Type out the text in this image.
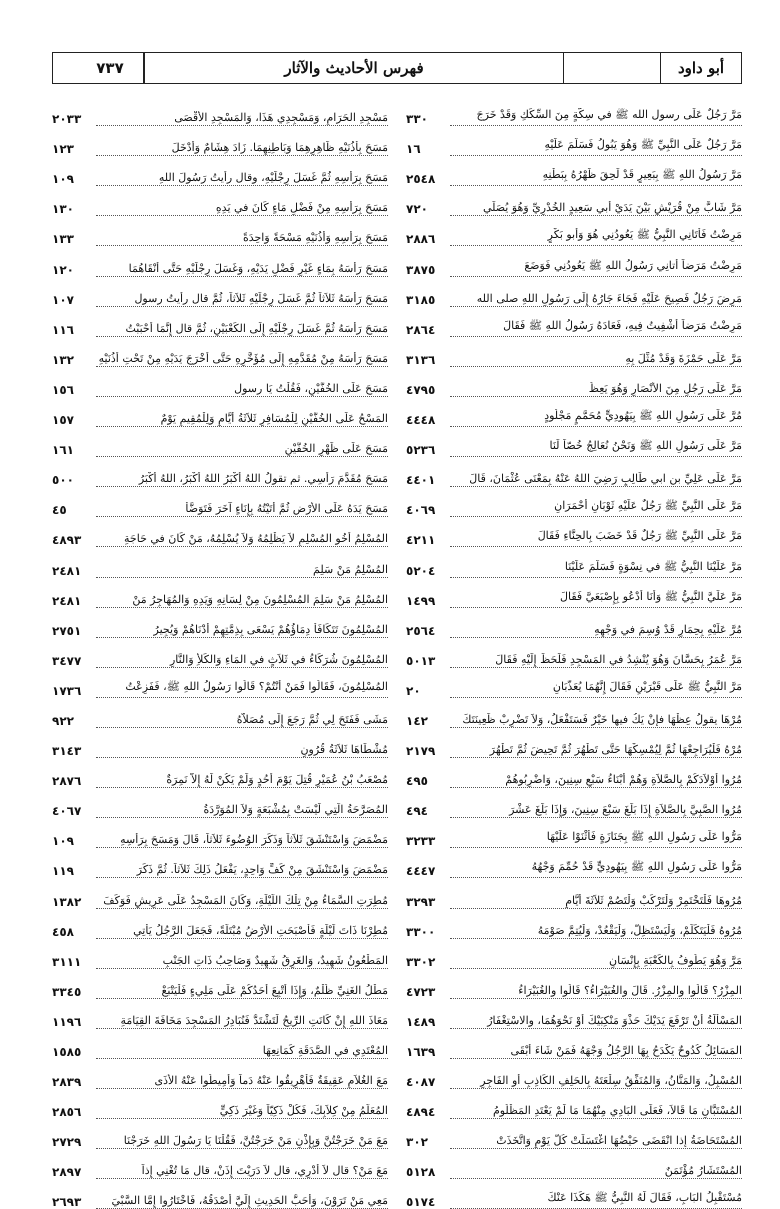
أبو داود
فهرس الأحاديث والآثار
٧٣٧
مَرَّ رَجُلٌ عَلَى رسول الله ﷺ في سِكَّةٍ مِنَ السِّكَكِ وَقَدْ خَرَجَ
٣٣٠
مَرَّ رَجُلٌ عَلَى النَّبِيِّ ﷺ وَهُوَ يَبُولُ فَسَلَّمَ عَلَيْهِ
١٦
مَرَّ رَسُولُ اللهِ ﷺ بِبَعِيرٍ قَدْ لَحِقَ ظَهْرُهُ بِبَطْنِهِ
٢٥٤٨
مَرَّ شَابٌّ مِنْ قُرَيْشٍ بَيْنَ يَدَيْ أبي سَعِيدٍ الخُدْرِيِّ وَهُوَ يُصَلِّي
٧٢٠
مَرِضْتُ فَأَتَانِي النَّبِيُّ ﷺ يَعُودُنِي هُوَ وَأَبو بَكْرٍ
٢٨٨٦
مَرِضْتُ مَرَضاً أَتانِي رَسُولُ اللهِ ﷺ يَعُودُنِي فَوَضَعَ
٣٨٧٥
مَرِضَ رَجُلٌ فَصِيحَ عَلَيْهِ فَجَاءَ جَارُهُ إِلَى رَسُولِ اللهِ صلى الله
٣١٨٥
مَرِضْتُ مَرَضاً أُشْفِيتُ فِيهِ، فَعَادَهُ رَسُولُ اللهِ ﷺ فَقَالَ
٢٨٦٤
مَرَّ عَلَى حَمْزَةَ وَقَدْ مُثِّلَ بِهِ
٣١٣٦
مَرَّ عَلَى رَجُلٍ مِنَ الأَنْصَارِ وَهُوَ يَعِظُ
٤٧٩٥
مُرَّ عَلَى رَسُولِ اللهِ ﷺ بِيَهُودِيٍّ مُحَمَّمٍ مَجْلُودٍ
٤٤٤٨
مَرَّ عَلَى رَسُولِ اللهِ ﷺ وَنَحْنُ نُعَالِجُ خُصّاً لَنَا
٥٢٣٦
مَرَّ عَلَى عَلِيِّ بن ابي طَالِبٍ رَضِيَ اللهُ عَنْهُ بِمَعْنَى عُثْمَانَ، قَالَ
٤٤٠١
مَرَّ عَلَى النَّبِيِّ ﷺ رَجُلٌ عَلَيْهِ ثَوْبَانِ أَحْمَرَانِ
٤٠٦٩
مَرَّ عَلَى النَّبِيِّ ﷺ رَجُلٌ قَدْ خَضَبَ بِالحِنَّاءِ فَقَالَ
٤٢١١
مَرَّ عَلَيْنَا النَّبِيُّ ﷺ في نِسْوَةٍ فَسَلَّمَ عَلَيْنَا
٥٢٠٤
مَرَّ عَلَيَّ النَّبِيُّ ﷺ وَأَنَا أَدْعُو بِإِصْبَعَيَّ فَقَالَ
١٤٩٩
مُرَّ عَلَيْهِ بِحِمَارٍ قَدْ وُسِمَ في وَجْهِهِ
٢٥٦٤
مَرَّ عُمَرُ بِحَسَّانَ وَهُوَ يُنْشِدُ في المَسْجِدِ فَلَحَظَ إِلَيْهِ فَقَالَ
٥٠١٣
مَرَّ النَّبِيُّ ﷺ عَلَى قَبْرَيْنِ فَقَالَ إِنَّهُمَا يُعَذَّبَانِ
٢٠
مُرْهَا يقولُ عِظْهَا فإنْ يَكُ فيها خَيْرٌ فَسَتَفْعَلُ، وَلاَ تَضْرِبْ ظَعِينَتَكَ
١٤٢
مُرْهُ فَلْيُرَاجِعْهَا ثُمَّ لِيُمْسِكْهَا حَتَّى تَطْهُرَ ثُمَّ تَحِيضَ ثُمَّ تَطْهُرَ
٢١٧٩
مُرُوا أَوْلاَدَكُمْ بِالصَّلاَةِ وَهُمْ أَبْنَاءُ سَبْعِ سِنِينَ، وَاضْرِبُوهُمْ
٤٩٥
مُرُوا الصَّبِيَّ بِالصَّلاَةِ إِذَا بَلَغَ سَبْعَ سِنِينَ، وَإِذَا بَلَغَ عَشْرَ
٤٩٤
مَرُّوا عَلَى رَسُولِ اللهِ ﷺ بِجَنَازَةٍ فَأَثْنَوْا عَلَيْهَا
٣٢٣٣
مَرُّوا عَلَى رَسُولِ اللهِ ﷺ بِيَهُودِيٍّ قَدْ حُمِّمَ وَجْهُهُ
٤٤٤٧
مُرُوهَا فَلْتَخْتَمِرْ وَلْتَرْكَبْ وَلْتَصُمْ ثَلاَثَةَ أَيَّامٍ
٣٢٩٣
مُرُوهُ فَلْيَتَكَلَّمْ، وَلْيَسْتَظِلَّ، وَلْيَقْعُدْ، وَلْيُتِمَّ صَوْمَهُ
٣٣٠٠
مَرَّ وَهُوَ يَطُوفُ بِالكَعْبَةِ بِإِنْسَانٍ
٣٣٠٢
المِزْرُ؟ قَالُوا والمِزْرُ. قَالَ والغُبَيْرَاءُ؟ قَالُوا والغُبَيْرَاءُ
٤٧٢٣
المَسْأَلَةُ أَنْ تَرْفَعَ يَدَيْكَ حَذْوَ مَنْكِبَيْكَ أَوْ نَحْوَهُمَا، والاسْتِغْفَارُ
١٤٨٩
المَسَائِلُ كُدُوحٌ يَكْدَحُ بِهَا الرَّجُلُ وَجْهَهُ فَمَنْ شَاءَ أَبْقَى
١٦٣٩
المُسْبِلُ، وَالمَنَّانُ، وَالمُنَفِّقُ سِلْعَتَهُ بِالحَلِفِ الكَاذِبِ أو الفَاجِرِ
٤٠٨٧
المُسْتَبَّانِ مَا قَالاَ، فَعَلَى البَادِي مِنْهُمَا مَا لَمْ يَعْتَدِ المَظْلُومُ
٤٨٩٤
المُسْتَحَاضَةُ إذا انْقَضَى حَيْضُهَا اغْتَسَلَتْ كُلَّ يَوْمٍ وَاتَّخَذَتْ
٣٠٢
المُسْتَشَارُ مُؤْتَمَنٌ
٥١٢٨
مُسْتَقْبِلُ البَابِ، فَقَالَ لَهُ النَّبِيُّ ﷺ هَكَذَا عَنْكَ
٥١٧٤
مَسْجِدِ الحَرَامِ، وَمَسْجِدِي هَذَا، وَالمَسْجِدِ الأَقْصَى
٢٠٣٣
مَسَحَ بِأُذُنَيْهِ ظَاهِرِهِمَا وَبَاطِنِهِمَا. زَادَ هِشَامٌ وَأَدْخَلَ
١٢٣
مَسَحَ بِرَأْسِهِ ثُمَّ غَسَلَ رِجْلَيْهِ، وقال رأيتُ رَسُولَ اللهِ
١٠٩
مَسَحَ بِرَأْسِهِ مِنْ فَضْلِ مَاءٍ كَانَ في يَدِهِ
١٣٠
مَسَحَ بِرَأْسِهِ وَأُذُنَيْهِ مَسْحَةً وَاحِدَةً
١٣٣
مَسَحَ رَأْسَهُ بِمَاءٍ غَيْرِ فَضْلِ يَدَيْهِ، وَغَسَلَ رِجْلَيْهِ حَتَّى أَنْقَاهُمَا
١٢٠
مَسَحَ رَأْسَهُ ثَلاَثاً ثُمَّ غَسَلَ رِجْلَيْهِ ثَلاَثاً، ثُمَّ قال رأيتُ رسول
١٠٧
مَسَحَ رَأْسَهُ ثُمَّ غَسَلَ رِجْلَيْهِ إِلَى الكَعْبَيْنِ، ثُمَّ قال إِنَّمَا أَحْبَبْتُ
١١٦
مَسَحَ رَأْسَهُ مِنْ مُقَدَّمِهِ إِلَى مُؤَخَّرِهِ حَتَّى أَخْرَجَ يَدَيْهِ مِنْ تَحْتِ أُذُنَيْهِ
١٣٢
مَسَحَ عَلَى الخُفَّيْنِ، فَقُلْتُ يَا رسول
١٥٦
المَسْحُ عَلَى الخُفَّيْنِ لِلْمُسَافِرِ ثَلاَثَةُ أَيَّامٍ وَلِلْمُقِيمِ يَوْمٌ
١٥٧
مَسَحَ عَلَى ظَهْرِ الخُفَّيْنِ
١٦١
مَسَحَ مُقَدَّمَ رَأْسِي. ثم تقولُ اللهُ أَكْبَرُ اللهُ أَكْبَرُ، اللهُ أَكْبَرُ
٥٠٠
مَسَحَ يَدَهُ عَلَى الأَرْضِ ثُمَّ أَتَيْتُهُ بِإِنَاءٍ آخَرَ فَتَوَضَّأَ
٤٥
المُسْلِمُ أَخُو المُسْلِمِ لاَ يَظْلِمُهُ وَلاَ يُسْلِمُهُ، مَنْ كَانَ في حَاجَةِ
٤٨٩٣
المُسْلِمُ مَنْ سَلِمَ
٢٤٨١
المُسْلِمُ مَنْ سَلِمَ المُسْلِمُونَ مِنْ لِسَانِهِ وَيَدِهِ وَالمُهَاجِرُ مَنْ
٢٤٨١
المُسْلِمُونَ تَتَكَافَأُ دِمَاؤُهُمْ يَسْعَى بِذِمَّتِهِمْ أَدْنَاهُمْ وَيُجِيرُ
٢٧٥١
المُسْلِمُونَ شُرَكَاءُ في ثَلاَثٍ في المَاءِ وَالكَلأِ وَالنَّارِ
٣٤٧٧
المُسْلِمُونَ، فَقَالُوا فَمَنْ أَنْتُمْ؟ قَالُوا رَسُولُ اللهِ ﷺ، فَفَزِعْتُ
١٧٣٦
مَشَى فَفَتَحَ لِي ثُمَّ رَجَعَ إِلَى مُصَلاَّهُ
٩٢٢
مُشْطَاهَا ثَلاَثَةُ قُرُونٍ
٣١٤٣
مُصْعَبُ بْنُ عُمَيْرٍ قُتِلَ يَوْمَ أُحُدٍ وَلَمْ يَكُنْ لَهُ إِلاَّ نَمِرَةٌ
٢٨٧٦
المُصَرَّحَةُ الَّتِي لَيْسَتْ بِمُشْبَعَةٍ وَلاَ المُوَرَّدَةُ
٤٠٦٧
مَضْمَضَ وَاسْتَنْشَقَ ثَلاَثاً وَذَكَرَ الوُضُوءَ ثَلاَثاً، قَالَ وَمَسَحَ بِرَأْسِهِ
١٠٩
مَضْمَضَ وَاسْتَنْشَقَ مِنْ كَفٍّ وَاحِدٍ، يَفْعَلُ ذَلِكَ ثَلاَثاً. ثُمَّ ذَكَرَ
١١٩
مُطِرَتِ السَّمَاءُ مِنْ تِلْكَ اللَّيْلَةِ، وَكَانَ المَسْجِدُ عَلَى عَرِيشٍ فَوَكَفَ
١٣٨٢
مُطِرْنَا ذَاتَ لَيْلَةٍ فَأَصْبَحَتِ الأَرْضُ مُبْتَلَّةً، فَجَعَلَ الرَّجُلُ يَأْتِي
٤٥٨
المَطْعُونُ شَهِيدٌ، وَالغَرِقُ شَهِيدٌ وَصَاحِبُ ذَاتِ الجَنْبِ
٣١١١
مَطْلُ الغَنِيِّ ظُلْمٌ، وَإِذَا أُتْبِعَ أَحَدُكُمْ عَلَى مَلِيءٍ فَلْيَتْبَعْ
٣٣٤٥
مَعَاذَ اللهِ إِنْ كَانَتِ الرِّيحُ لَتَشْتَدُّ فَنُبَادِرُ المَسْجِدَ مَخَافَةَ القِيَامَةِ
١١٩٦
المُعْتَدِي في الصَّدَقَةِ كَمَانِعِهَا
١٥٨٥
مَعَ الغُلاَمِ عَقِيقَةٌ فَأَهْرِيقُوا عَنْهُ دَماً وَأَمِيطُوا عَنْهُ الأَذَى
٢٨٣٩
المُعَلَّمُ مِنْ كِلاَبِكَ، فَكُلْ ذَكِيّاً وَغَيْرَ ذَكِيٍّ
٢٨٥٦
مَعَ مَنْ خَرَجْتُنَّ وَبِإِذْنِ مَنْ خَرَجْتُنَّ، فَقُلْنَا يَا رَسُولَ اللهِ خَرَجْنَا
٢٧٢٩
مَعَ مَنْ؟ قال لاَ أَدْرِي، قال لاَ دَرَيْتَ إِذَنْ، قال مَا تُغْنِي إِذاً
٢٨٩٧
مَعِي مَنْ تَرَوْنَ، وَأَحَبُّ الحَدِيثِ إِلَيَّ أَصْدَقُهُ، فَاخْتَارُوا إِمَّا السَّبْيَ
٢٦٩٣
